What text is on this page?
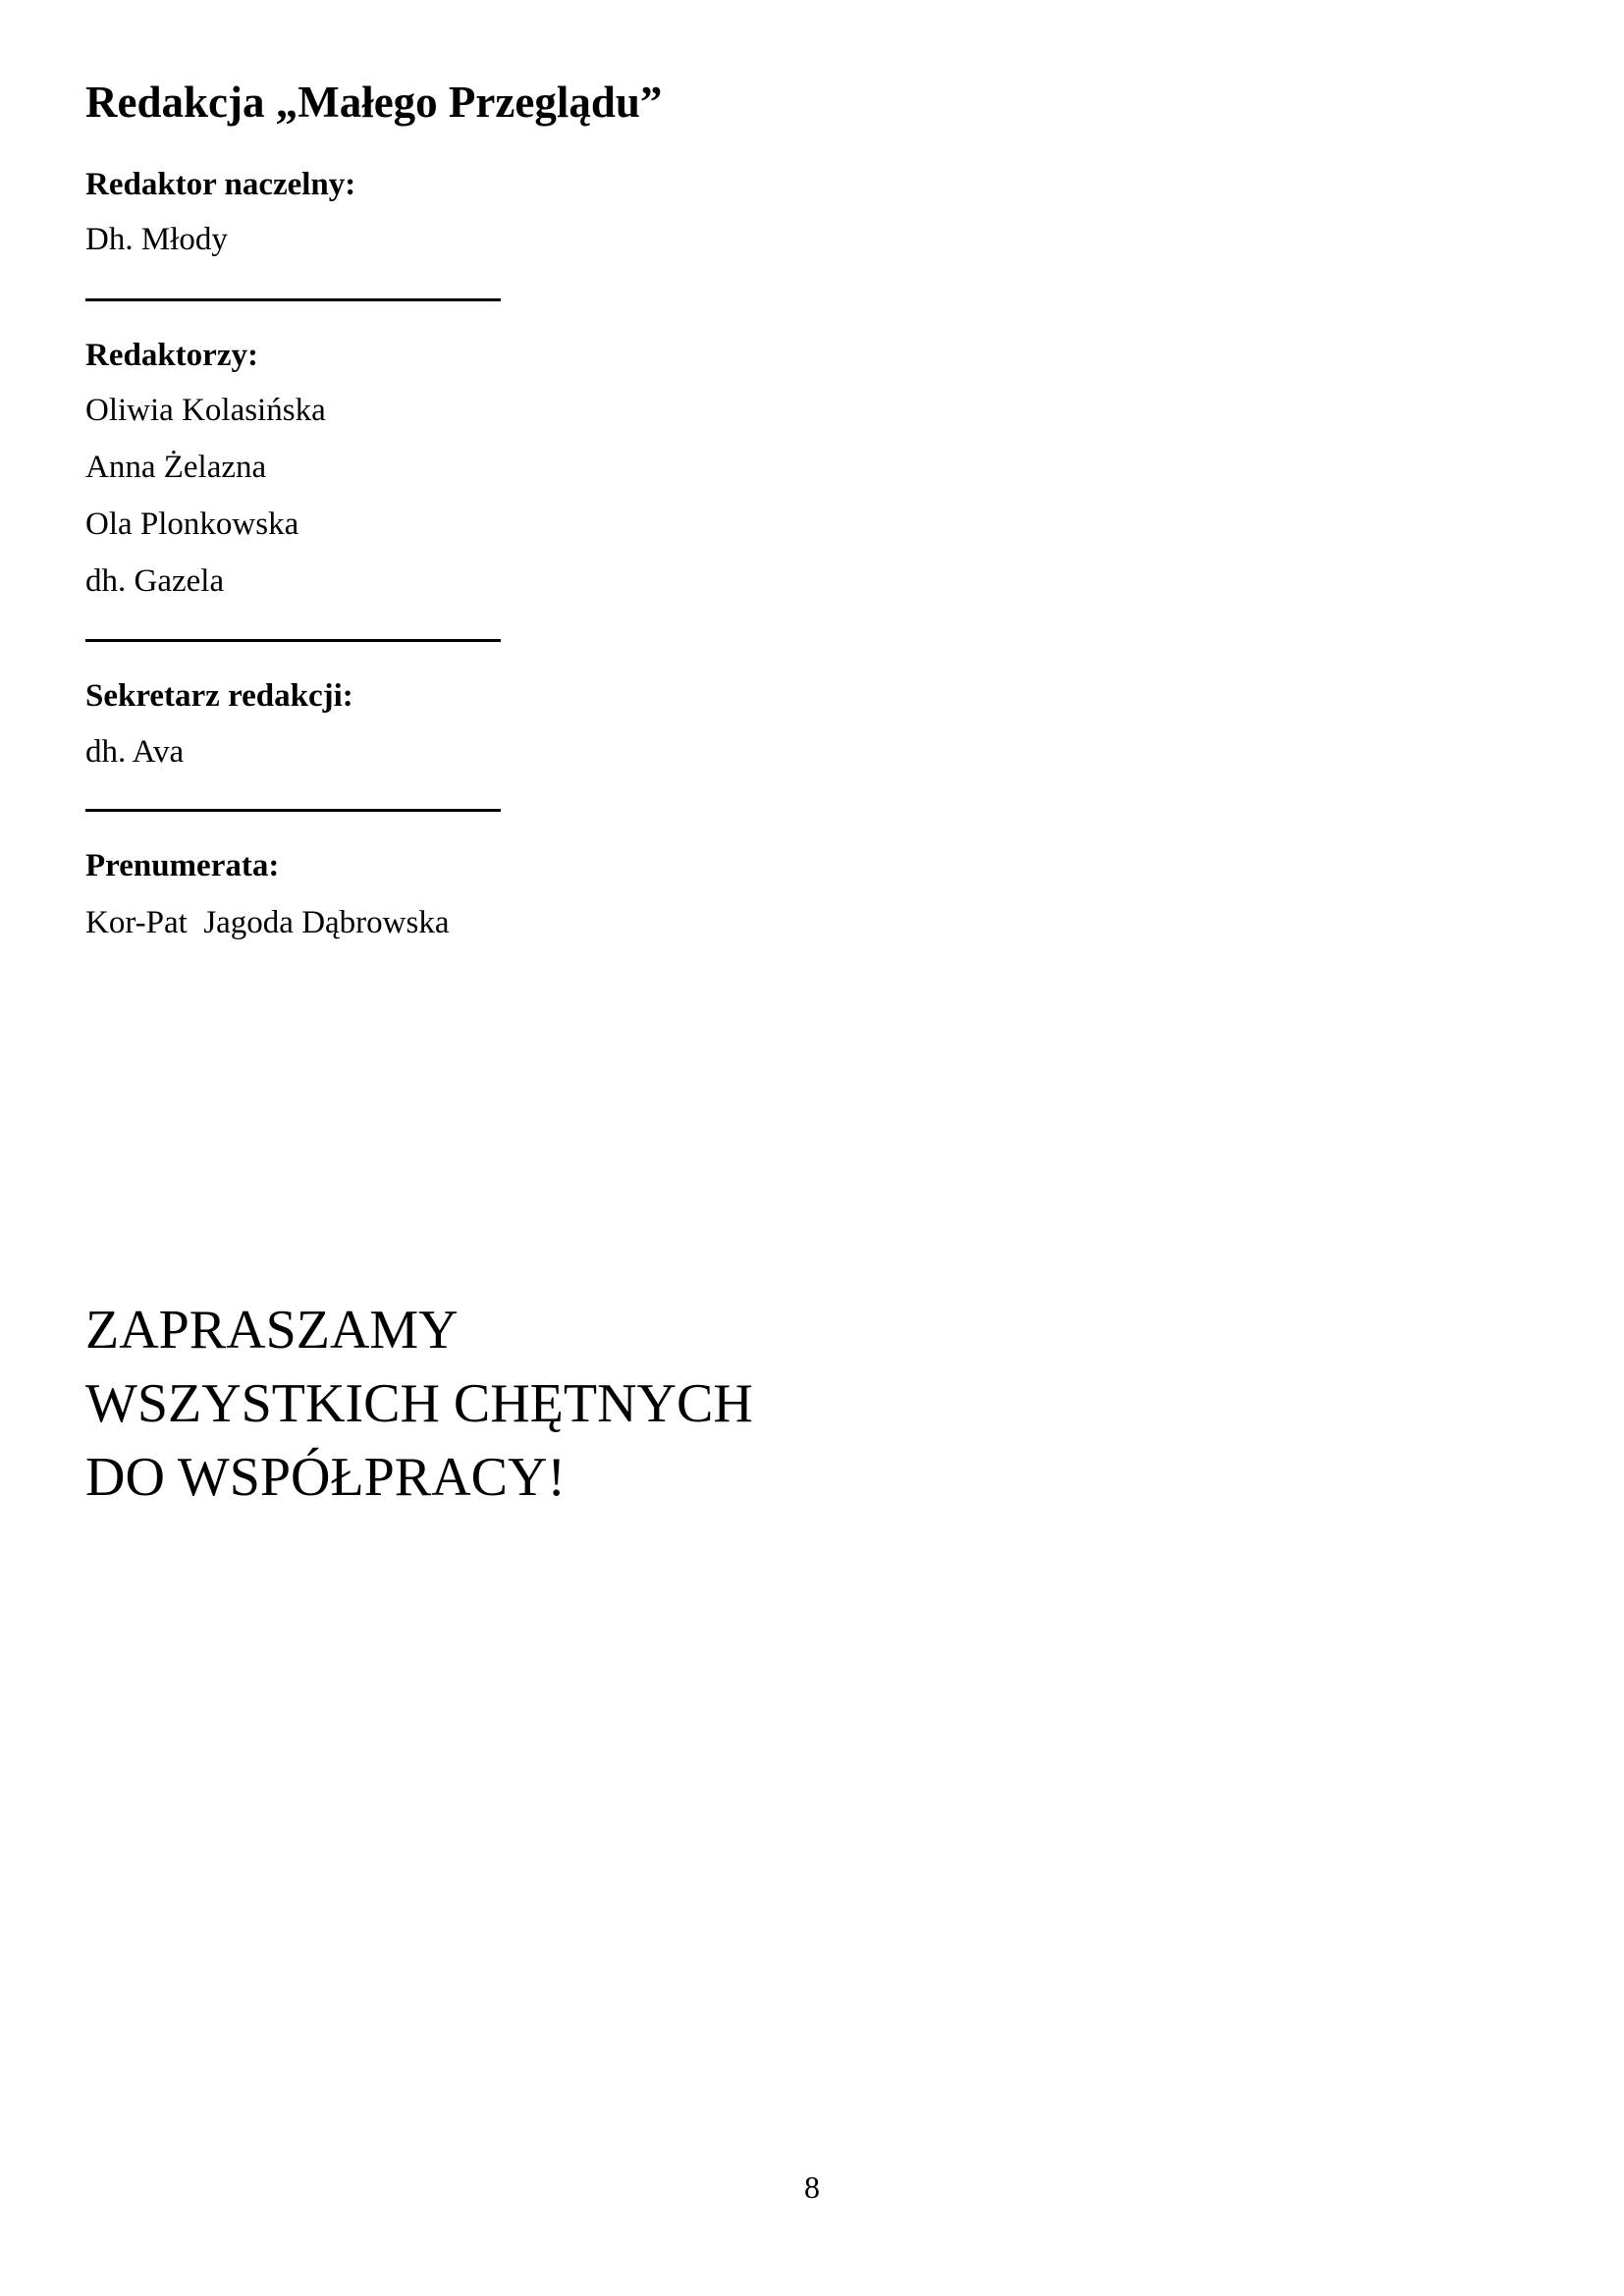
Redakcja „Małego Przeglądu”

Redaktor naczelny:

Dh. Młody

Redaktorzy:

Oliwia Kolasińska

Anna Żelazna

Ola Plonkowska

dh. Gazela

Sekretarz redakcji:

dh. Ava

Prenumerata:

Kor-Pat  Jagoda Dąbrowska

ZAPRASZAMY
WSZYSTKICH CHĘTNYCH
DO WSPÓŁPRACY!

8
